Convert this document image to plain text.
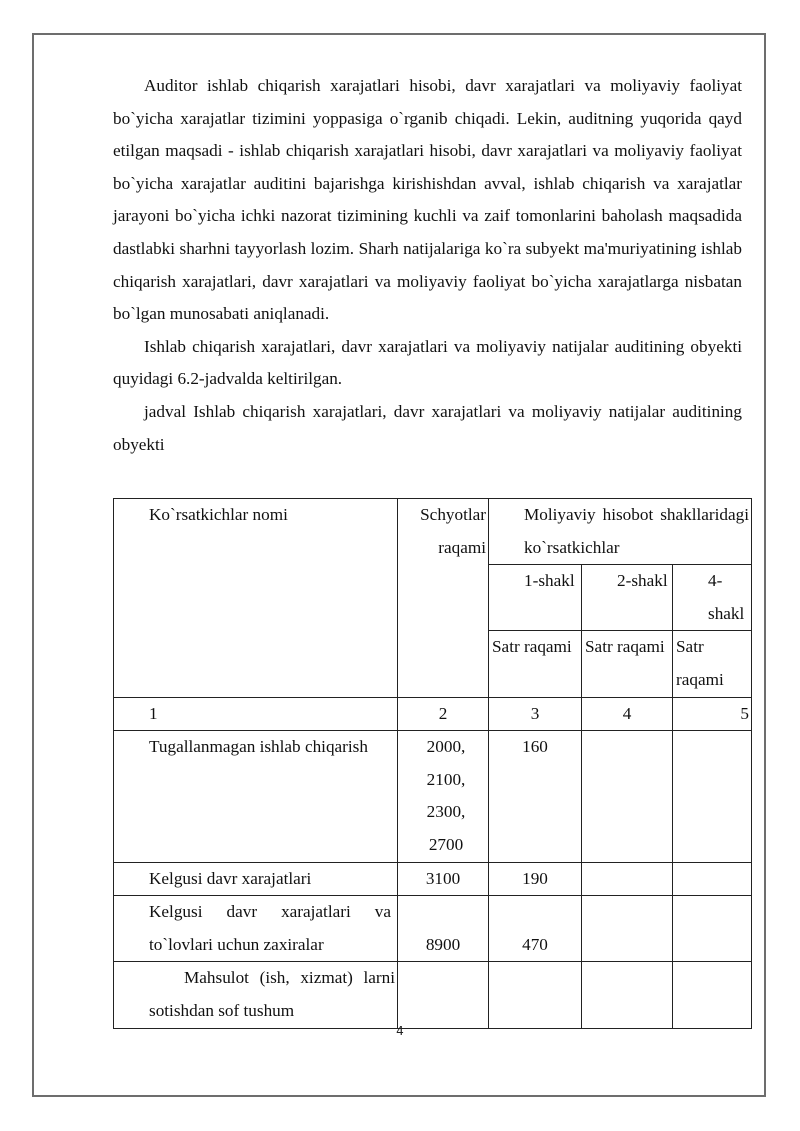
Auditor ishlab chiqarish xarajatlari hisobi, davr xarajatlari va moliyaviy faoliyat bo`yicha xarajatlar tizimini yoppasiga o`rganib chiqadi. Lekin, auditning yuqorida qayd etilgan maqsadi - ishlab chiqarish xarajatlari hisobi, davr xarajatlari va moliyaviy faoliyat bo`yicha xarajatlar auditini bajarishga kirishishdan avval, ishlab chiqarish va xarajatlar jarayoni bo`yicha ichki nazorat tizimining kuchli va zaif tomonlarini baholash maqsadida dastlabki sharhni tayyorlash lozim. Sharh natijalariga ko`ra subyekt ma'muriyatining ishlab chiqarish xarajatlari, davr xarajatlari va moliyaviy faoliyat bo`yicha xarajatlarga nisbatan bo`lgan munosabati aniqlanadi.

Ishlab chiqarish xarajatlari, davr xarajatlari va moliyaviy natijalar auditining obyekti quyidagi 6.2-jadvalda keltirilgan.

jadval Ishlab chiqarish xarajatlari, davr xarajatlari va moliyaviy natijalar auditining obyekti

Ko`rsatkichlar nomi	Schyotlar raqami	Moliyaviy hisobot shakllaridagi ko`rsatkichlar		
		1-shakl	2-shakl	4-shakl
		Satr raqami	Satr raqami	Satr raqami
1	2	3	4	5
Tugallanmagan ishlab chiqarish	2000, 2100, 2300, 2700	160		
Kelgusi davr xarajatlari	3100	190		
Kelgusi davr xarajatlari va to`lovlari uchun zaxiralar	8900	470		
Mahsulot (ish, xizmat) larni sotishdan sof tushum				
4
